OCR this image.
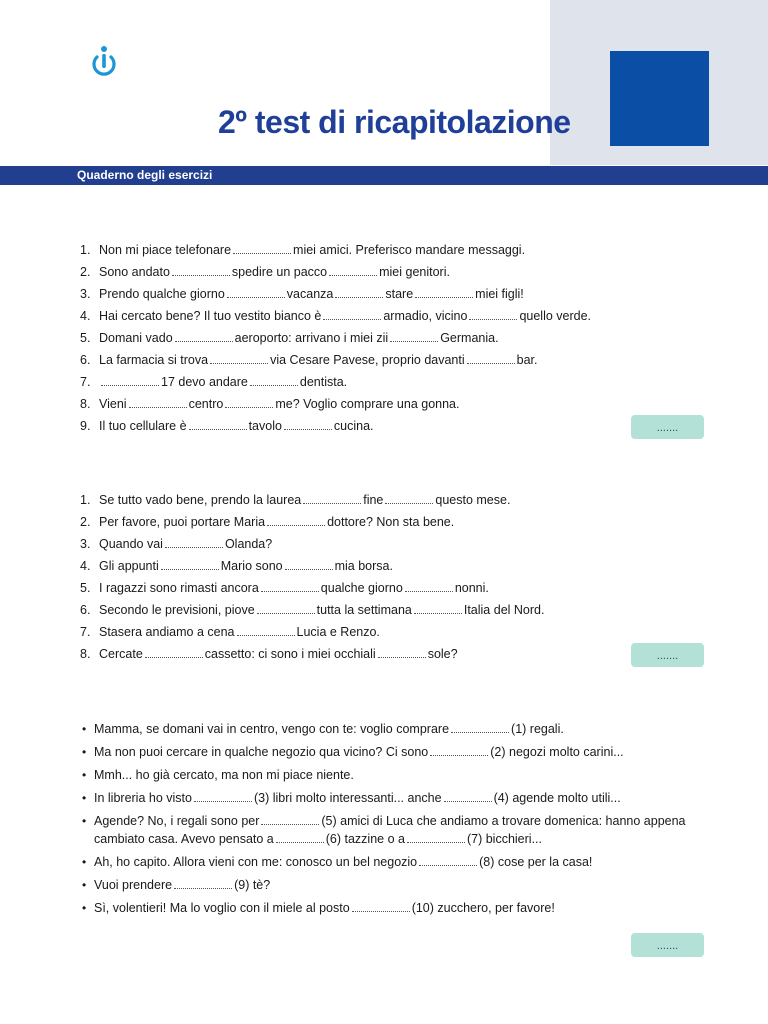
2º test di ricapitolazione
Quaderno degli esercizi
1. Non mi piace telefonare	miei amici. Preferisco mandare messaggi.
2. Sono andato	spedire un pacco	miei genitori.
3. Prendo qualche giorno	vacanza	stare	miei figli!
4. Hai cercato bene? Il tuo vestito bianco è	armadio, vicino	quello verde.
5. Domani vado	aeroporto: arrivano i miei zii	Germania.
6. La farmacia si trova	via Cesare Pavese, proprio davanti	bar.
7.	17 devo andare	dentista.
8. Vieni	centro	me? Voglio comprare una gonna.
9. Il tuo cellulare è	tavolo	cucina.	.......
1. Se tutto vado bene, prendo la laurea	fine	questo mese.
2. Per favore, puoi portare Maria	dottore? Non sta bene.
3. Quando vai	Olanda?
4. Gli appunti	Mario sono	mia borsa.
5. I ragazzi sono rimasti ancora	qualche giorno	nonni.
6. Secondo le previsioni, piove	tutta la settimana	Italia del Nord.
7. Stasera andiamo a cena	Lucia e Renzo.
8. Cercate	cassetto: ci sono i miei occhiali	sole?	.......
• Mamma, se domani vai in centro, vengo con te: voglio comprare	(1) regali.
• Ma non puoi cercare in qualche negozio qua vicino? Ci sono	(2) negozi molto carini...
• Mmh... ho già cercato, ma non mi piace niente.
• In libreria ho visto	(3) libri molto interessanti... anche	(4) agende molto utili...
• Agende? No, i regali sono per	(5) amici di Luca che andiamo a trovare domenica: hanno appena cambiato casa. Avevo pensato a	(6) tazzine o a	(7) bicchieri...
• Ah, ho capito. Allora vieni con me: conosco un bel negozio	(8) cose per la casa!
• Vuoi prendere	(9) tè?
• Sì, volentieri! Ma lo voglio con il miele al posto	(10) zucchero, per favore!
.......
